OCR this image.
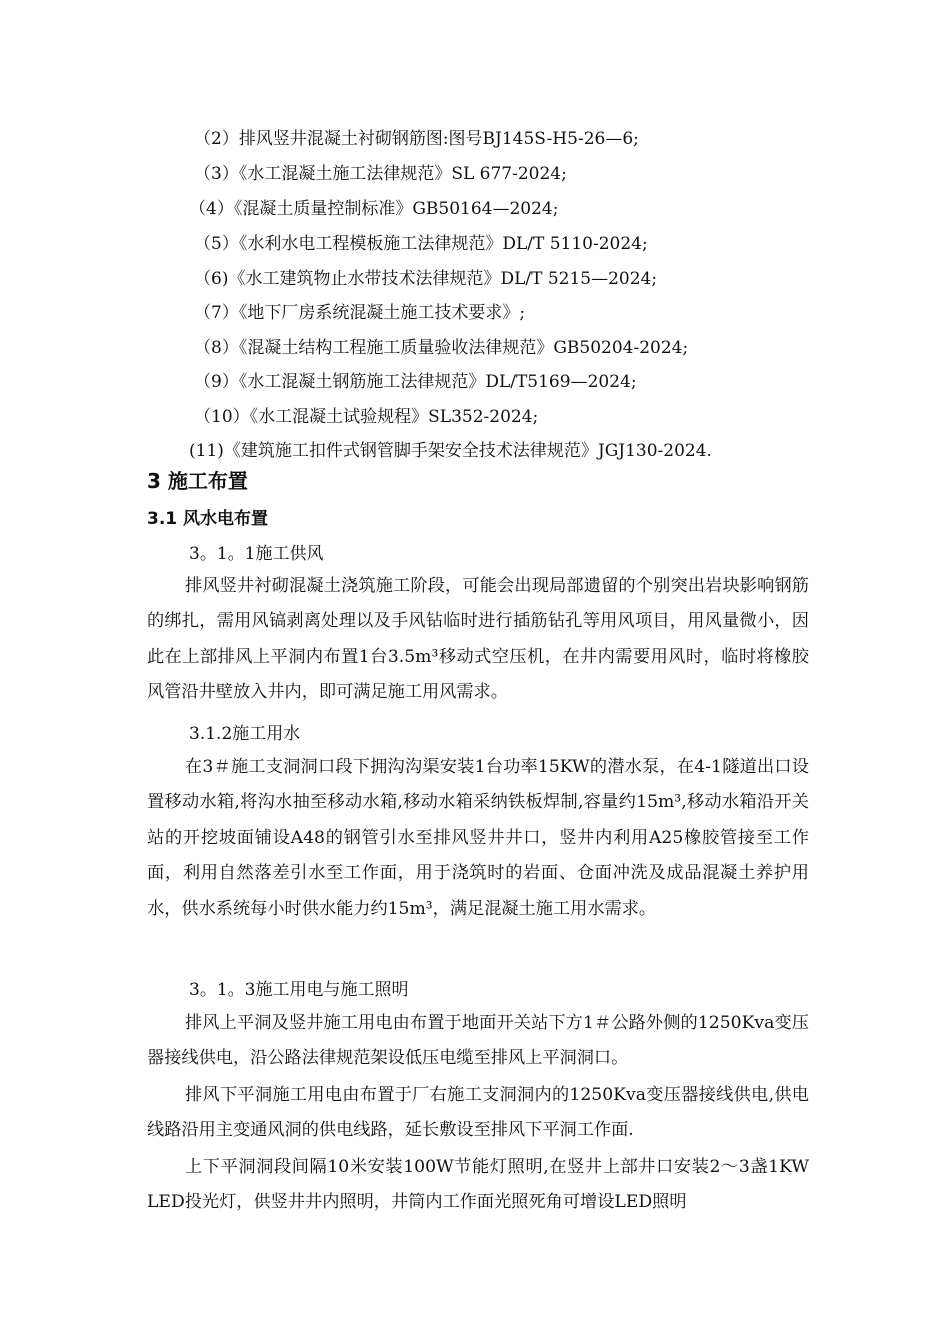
（2）排风竖井混凝土衬砌钢筋图:图号BJ145S-H5-26—6;
（3）《水工混凝土施工法律规范》SL 677-2024;
（4）《混凝土质量控制标准》GB50164—2024;
（5）《水利水电工程模板施工法律规范》DL/T 5110-2024;
（6)《水工建筑物止水带技术法律规范》DL/T 5215—2024;
（7）《地下厂房系统混凝土施工技术要求》;
（8）《混凝土结构工程施工质量验收法律规范》GB50204-2024;
（9）《水工混凝土钢筋施工法律规范》DL/T5169—2024;
（10）《水工混凝土试验规程》SL352-2024;
(11)《建筑施工扣件式钢管脚手架安全技术法律规范》JGJ130-2024.
3 施工布置
3.1 风水电布置
3。1。1施工供风
排风竖井衬砌混凝土浇筑施工阶段，可能会出现局部遗留的个别突出岩块影响钢筋的绑扎，需用风镐剥离处理以及手风钻临时进行插筋钻孔等用风项目，用风量微小，因此在上部排风上平洞内布置1台3.5m³移动式空压机，在井内需要用风时，临时将橡胶风管沿井壁放入井内，即可满足施工用风需求。
3.1.2施工用水
在3＃施工支洞洞口段下拥沟沟渠安装1台功率15KW的潜水泵，在4-1隧道出口设置移动水箱,将沟水抽至移动水箱,移动水箱采纳铁板焊制,容量约15m³,移动水箱沿开关站的开挖坡面铺设A48的钢管引水至排风竖井井口，竖井内利用A25橡胶管接至工作面，利用自然落差引水至工作面，用于浇筑时的岩面、仓面冲洗及成品混凝土养护用水，供水系统每小时供水能力约15m³，满足混凝土施工用水需求。
3。1。3施工用电与施工照明
排风上平洞及竖井施工用电由布置于地面开关站下方1＃公路外侧的1250Kva变压器接线供电，沿公路法律规范架设低压电缆至排风上平洞洞口。
排风下平洞施工用电由布置于厂右施工支洞洞内的1250Kva变压器接线供电,供电线路沿用主变通风洞的供电线路，延长敷设至排风下平洞工作面.
上下平洞洞段间隔10米安装100W节能灯照明,在竖井上部井口安装2～3盏1KW LED投光灯，供竖井井内照明，井筒内工作面光照死角可增设LED照明
